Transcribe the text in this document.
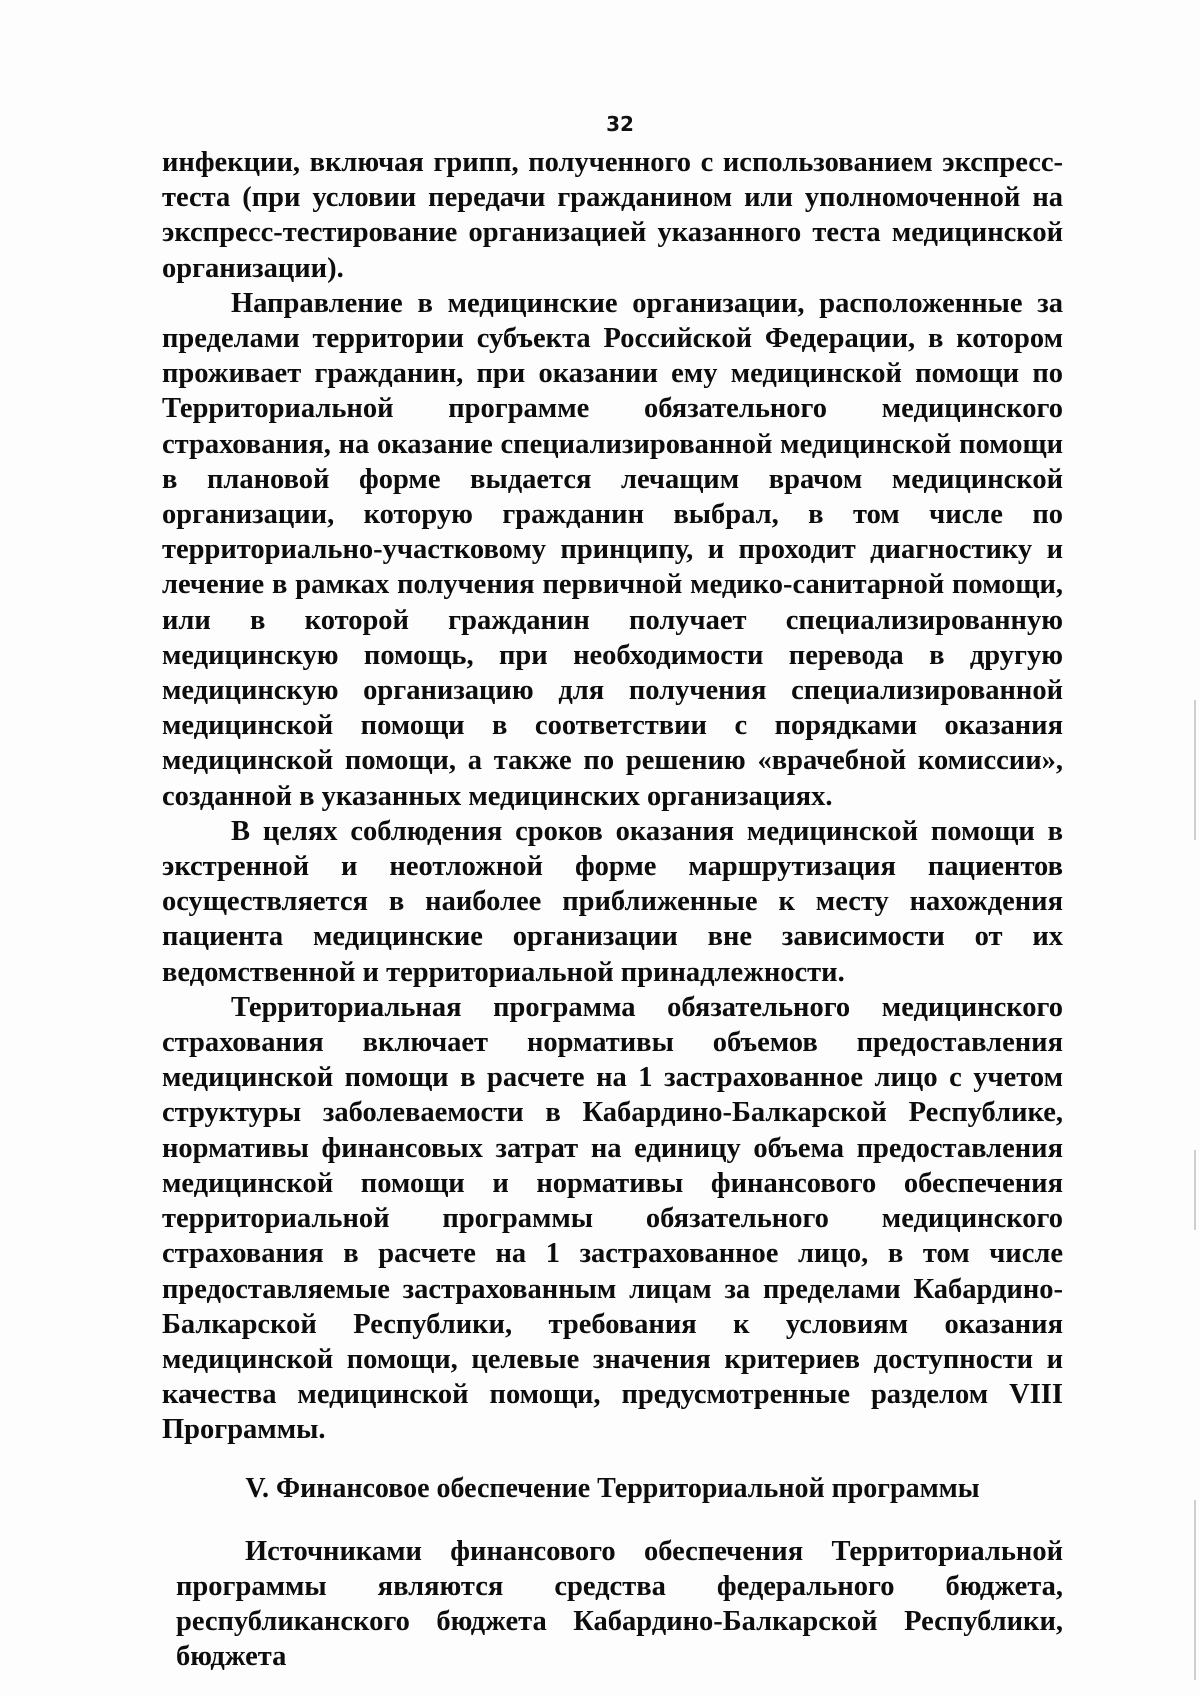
32

инфекции, включая грипп, полученного с использованием экспресс-теста (при условии передачи гражданином или уполномоченной на экспресс-тестирование организацией указанного теста медицинской организации).

Направление в медицинские организации, расположенные за пределами территории субъекта Российской Федерации, в котором проживает гражданин, при оказании ему медицинской помощи по Территориальной программе обязательного медицинского страхования, на оказание специализированной медицинской помощи в плановой форме выдается лечащим врачом медицинской организации, которую гражданин выбрал, в том числе по территориально-участковому принципу, и проходит диагностику и лечение в рамках получения первичной медико-санитарной помощи, или в которой гражданин получает специализированную медицинскую помощь, при необходимости перевода в другую медицинскую организацию для получения специализированной медицинской помощи в соответствии с порядками оказания медицинской помощи, а также по решению «врачебной комиссии», созданной в указанных медицинских организациях.

В целях соблюдения сроков оказания медицинской помощи в экстренной и неотложной форме маршрутизация пациентов осуществляется в наиболее приближенные к месту нахождения пациента медицинские организации вне зависимости от их ведомственной и территориальной принадлежности.

Территориальная программа обязательного медицинского страхования включает нормативы объемов предоставления медицинской помощи в расчете на 1 застрахованное лицо с учетом структуры заболеваемости в Кабардино-Балкарской Республике, нормативы финансовых затрат на единицу объема предоставления медицинской помощи и нормативы финансового обеспечения территориальной программы обязательного медицинского страхования в расчете на 1 застрахованное лицо, в том числе предоставляемые застрахованным лицам за пределами Кабардино-Балкарской Республики, требования к условиям оказания медицинской помощи, целевые значения критериев доступности и качества медицинской помощи, предусмотренные разделом VIII Программы.

V. Финансовое обеспечение Территориальной программы

Источниками финансового обеспечения Территориальной программы являются средства федерального бюджета, республиканского бюджета Кабардино-Балкарской Республики, бюджета
